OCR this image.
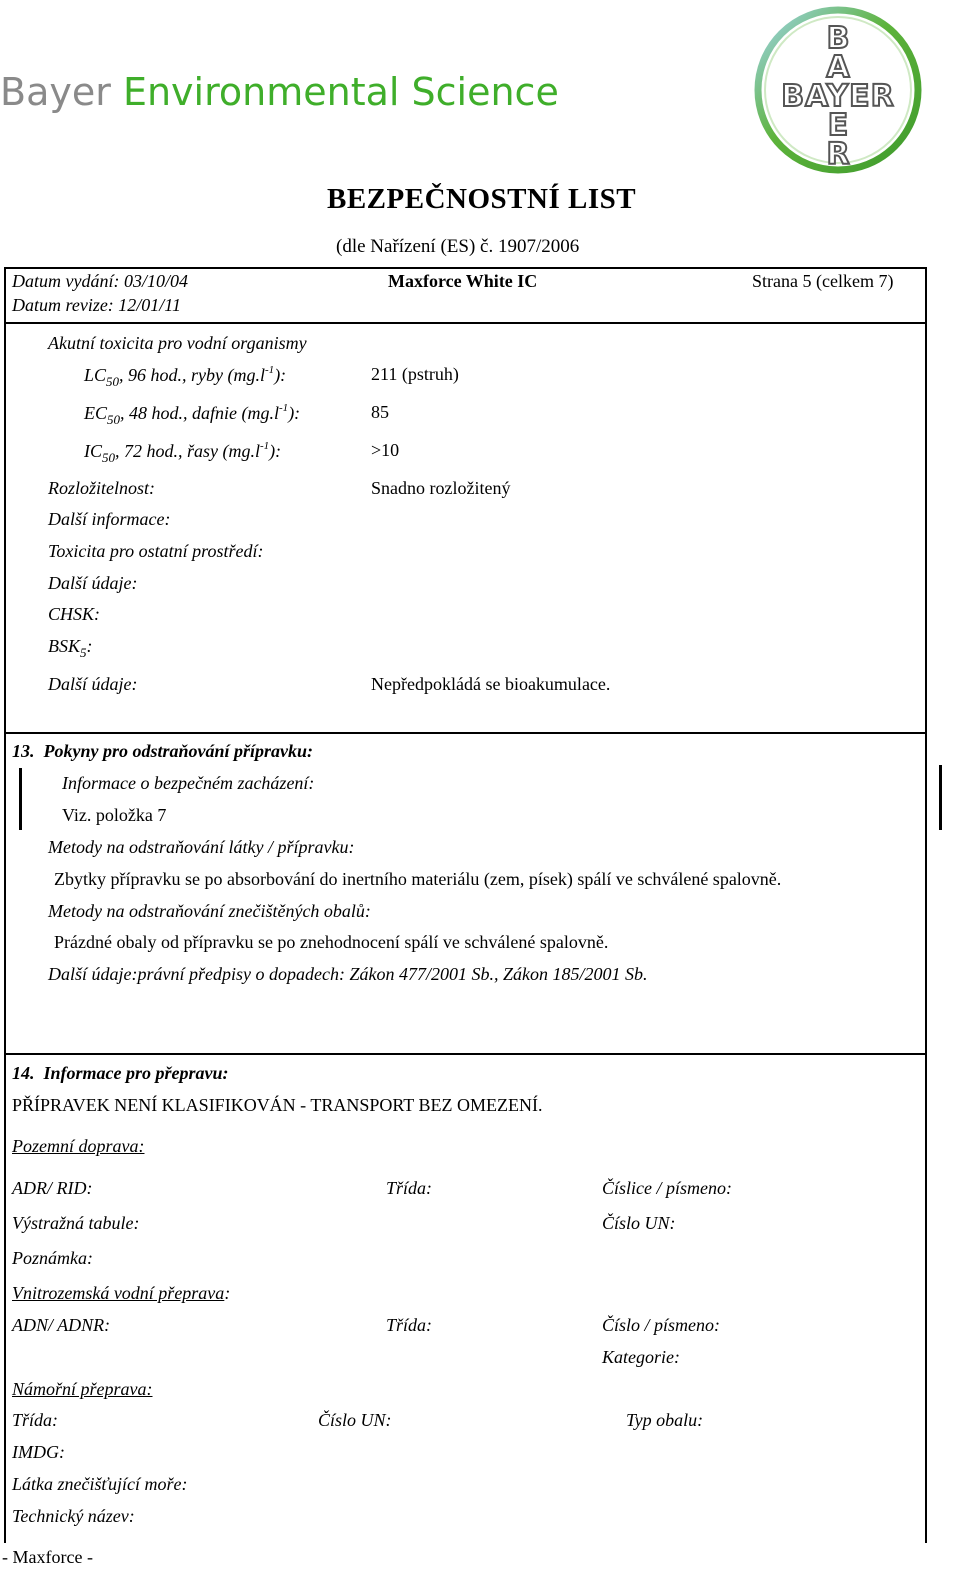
Bayer Environmental Science
B
A
E
R
BAYER
BEZPEČNOSTNÍ LIST
(dle Nařízení (ES) č. 1907/2006
Datum vydání: 03/10/04
Datum revize: 12/01/11
Maxforce White IC	Strana 5 (celkem 7)
Akutní toxicita pro vodní organismy
$LC_{50}$, 96 hod., ryby $(mg.l^{-1})$:	211 (pstruh)
$EC_{50}$, 48 hod., dafnie $(mg.l^{-1})$:	85
$IC_{50}$, 72 hod., řasy $(mg.l^{-1})$:	>10
Rozložitelnost:	Snadno rozložitený
Další informace:
Toxicita pro ostatní prostředí:
Další údaje:
CHSK:
$BSK_5$:
Další údaje:	Nepředpokládá se bioakumulace.
13. Pokyny pro odstraňování přípravku:
Informace o bezpečném zacházení:
Viz. položka 7
Metody na odstraňování látky / přípravku:
Zbytky přípravku se po absorbování do inertního materiálu (zem, písek) spálí ve schválené spalovně.
Metody na odstraňování znečištěných obalů:
Prázdné obaly od přípravku se po znehodnocení spálí ve schválené spalovně.
Další údaje:právní předpisy o dopadech: Zákon 477/2001 Sb., Zákon 185/2001 Sb.
14. Informace pro přepravu:
PŘÍPRAVEK NENÍ KLASIFIKOVÁN - TRANSPORT BEZ OMEZENÍ.
Pozemní doprava:
ADR/ RID:	Třída:	Číslice / písmeno:
Výstražná tabule:	Číslo UN:
Poznámka:
Vnitrozemská vodní přeprava:
ADN/ ADNR:	Třída:	Číslo / písmeno:
Kategorie:
Námořní přeprava:
Třída:	Číslo UN:	Typ obalu:
IMDG:
Látka znečišťující moře:
Technický název:
- Maxforce -
